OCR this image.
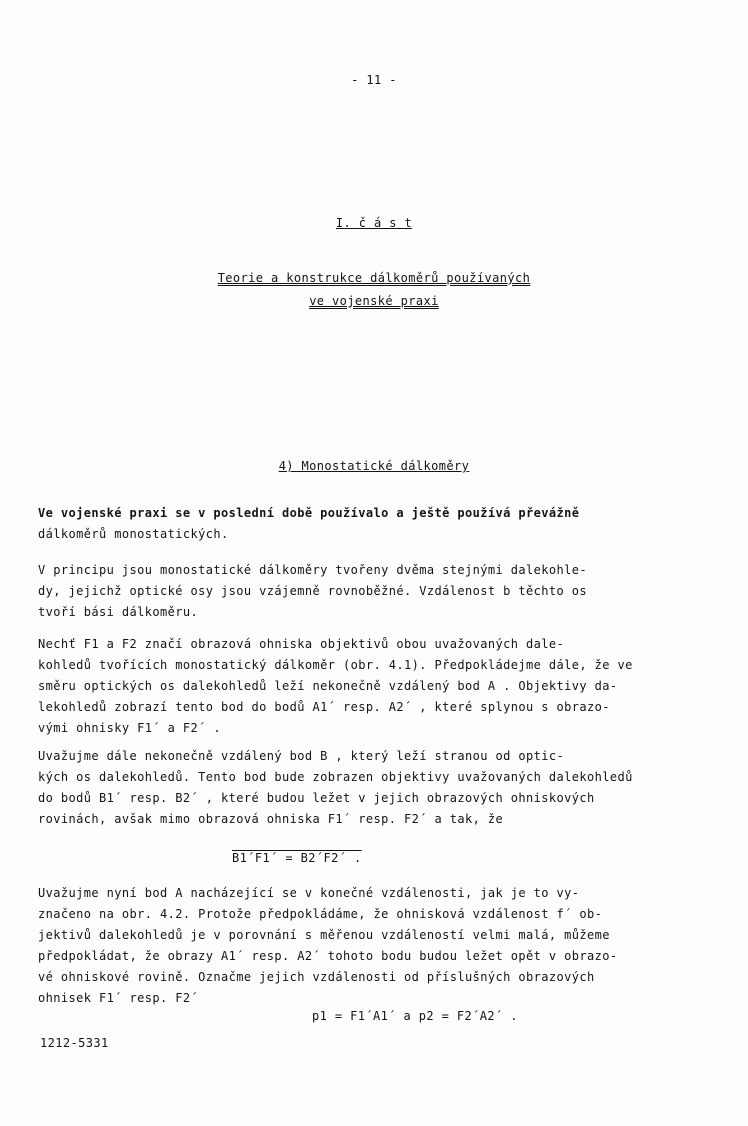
- 11 -
I. č á s t
Teorie a konstrukce dálkoměrů používaných
ve vojenské praxi
4) Monostatické dálkoměry

Ve vojenské praxi se v poslední době používalo a ještě používá převážně

dálkoměrů monostatických.

V principu jsou monostatické dálkoměry tvořeny dvěma stejnými dalekohle-

dy, jejichž optické osy jsou vzájemně rovnoběžné. Vzdálenost b těchto os

tvoří bási dálkoměru.

Nechť F1 a F2 značí obrazová ohniska objektivů obou uvažovaných dale-

kohledů tvořících monostatický dálkoměr (obr. 4.1). Předpokládejme dále, že ve

směru optických os dalekohledů leží nekonečně vzdálený bod A . Objektivy da-

lekohledů zobrazí tento bod do bodů A1´ resp. A2´ , které splynou s obrazo-

vými ohnisky F1´ a F2´ .

Uvažujme dále nekonečně vzdálený bod B , který leží stranou od optic-

kých os dalekohledů. Tento bod bude zobrazen objektivy uvažovaných dalekohledů

do bodů B1´ resp. B2´ , které budou ležet v jejich obrazových ohniskových

rovinách, avšak mimo obrazová ohniska F1´ resp. F2´ a tak, že

B1´F1´ = B2´F2´ .

Uvažujme nyní bod A nacházející se v konečné vzdálenosti, jak je to vy-

značeno na obr. 4.2. Protože předpokládáme, že ohnisková vzdálenost f´ ob-

jektivů dalekohledů je v porovnání s měřenou vzdáleností velmi malá, můžeme

předpokládat, že obrazy A1´ resp. A2´ tohoto bodu budou ležet opět v obrazo-

vé ohniskové rovině. Označme jejich vzdálenosti od příslušných obrazových

ohnisek F1´ resp. F2´

p1 = F1´A1´ a p2 = F2´A2´ .
1212-5331
